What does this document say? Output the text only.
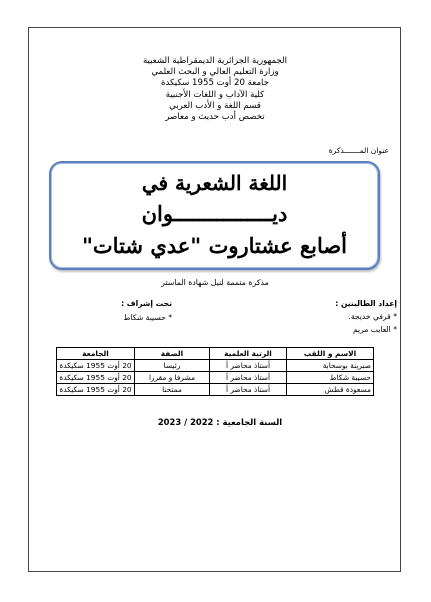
الجمهورية الجزائرية الديمقراطية الشعبية
وزارة التعليم العالي و البحث العلمي
جامعة 20 أوت 1955 سكيكدة
كلية الآداب و اللغات الأجنبية
قسم اللغة و الأدب العربي
تخصص أدب حديث و معاصر
عنوان المـــــــذكرة
اللغة الشعرية في
ديــــــــــــــــوان
أصابع عشتاروت "عدي شتات"
مذكرة متممة لنيل شهادة الماستر
إعداد الطالبتين :
* قرفي خديجة.
* العايب مريم
تحت إشراف :
* حسيبة شكاط
الاسم و اللقب	الرتبة العلمية	الصفة	الجامعة
صبرينة بوسحابة	أستاذ محاضر أ	رئيسا	20 أوت 1955 سكيكدة
حسيبة شكاط	أستاذ محاضر أ	مشرفا و مقررا	20 أوت 1955 سكيكدة
مسعودة قطش	أستاذ محاضر أ	ممتحنا	20 أوت 1955 سكيكدة
السنة الجامعية : 2022 / 2023
